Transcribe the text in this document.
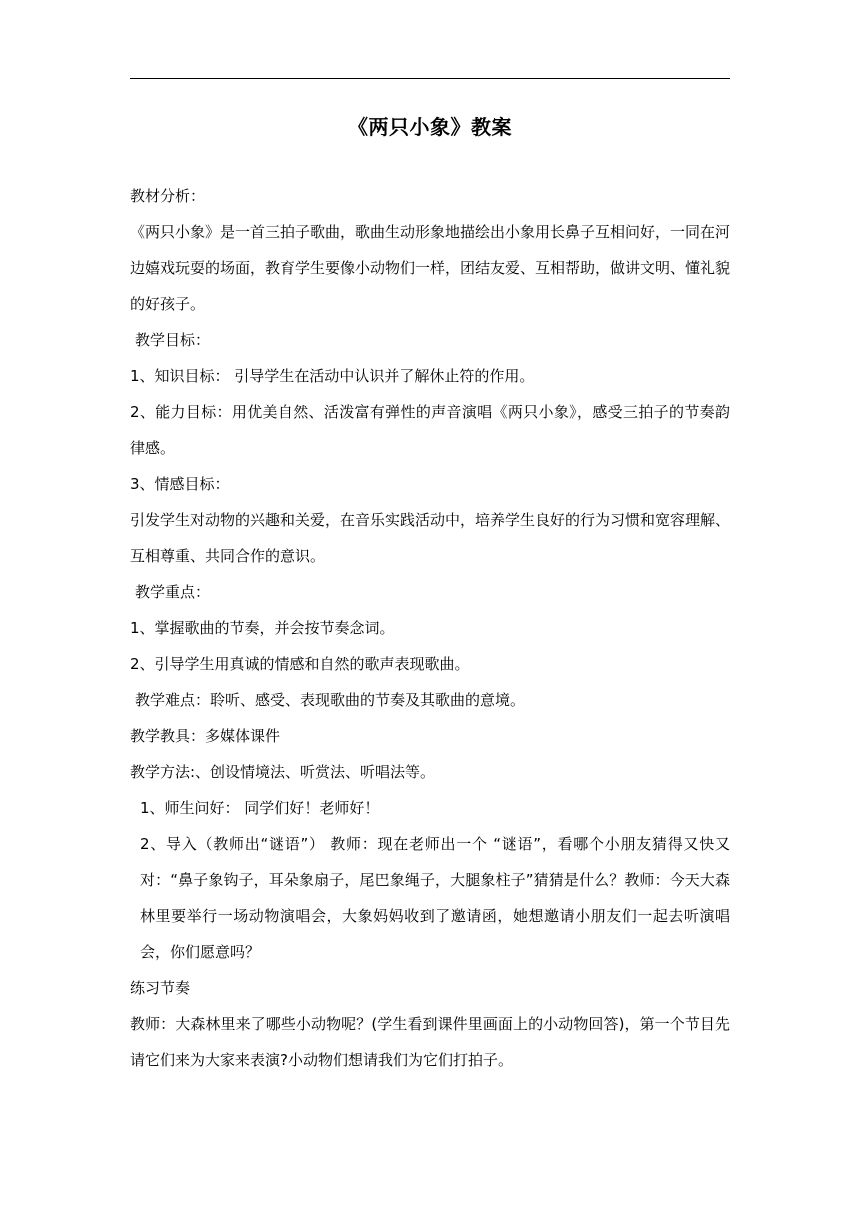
《两只小象》教案

教材分析：

《两只小象》是一首三拍子歌曲，歌曲生动形象地描绘出小象用长鼻子互相问好，一同在河边嬉戏玩耍的场面，教育学生要像小动物们一样，团结友爱、互相帮助，做讲文明、懂礼貌的好孩子。

教学目标：

1、知识目标： 引导学生在活动中认识并了解休止符的作用。

2、能力目标：用优美自然、活泼富有弹性的声音演唱《两只小象》，感受三拍子的节奏韵律感。

3、情感目标：

引发学生对动物的兴趣和关爱，在音乐实践活动中，培养学生良好的行为习惯和宽容理解、互相尊重、共同合作的意识。

教学重点：

1、掌握歌曲的节奏，并会按节奏念词。

2、引导学生用真诚的情感和自然的歌声表现歌曲。

教学难点：聆听、感受、表现歌曲的节奏及其歌曲的意境。

教学教具：多媒体课件

教学方法:、创设情境法、听赏法、听唱法等。

1、师生问好： 同学们好！老师好！

2、导入（教师出“谜语”） 教师：现在老师出一个 “谜语”，看哪个小朋友猜得又快又对：“鼻子象钩子，耳朵象扇子，尾巴象绳子，大腿象柱子”猜猜是什么？教师：今天大森林里要举行一场动物演唱会，大象妈妈收到了邀请函，她想邀请小朋友们一起去听演唱会，你们愿意吗？

练习节奏

教师：大森林里来了哪些小动物呢？(学生看到课件里画面上的小动物回答)，第一个节目先请它们来为大家来表演?小动物们想请我们为它们打拍子。
